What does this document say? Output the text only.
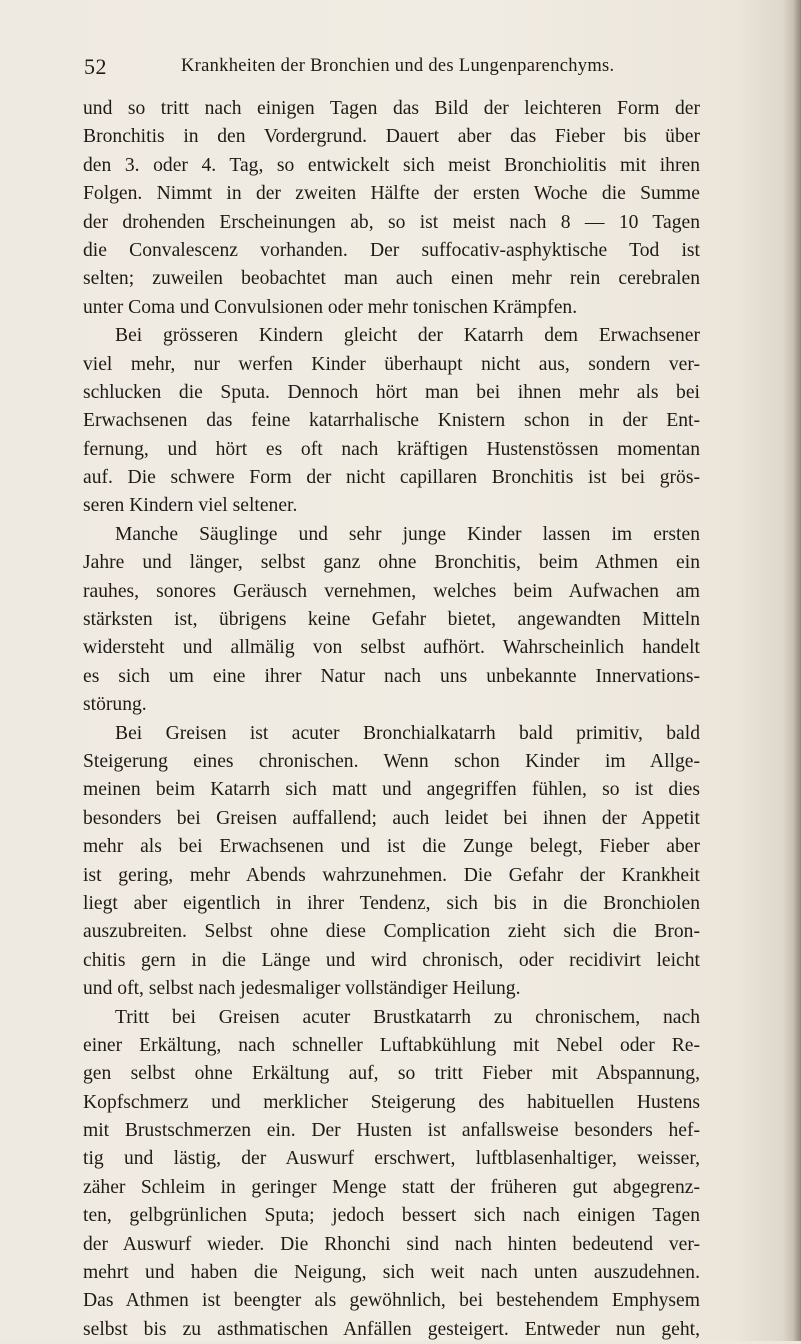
52	Krankheiten der Bronchien und des Lungenparenchyms.
und so tritt nach einigen Tagen das Bild der leichteren Form der
Bronchitis in den Vordergrund. Dauert aber das Fieber bis über
den 3. oder 4. Tag, so entwickelt sich meist Bronchiolitis mit ihren
Folgen. Nimmt in der zweiten Hälfte der ersten Woche die Summe
der drohenden Erscheinungen ab, so ist meist nach 8 — 10 Tagen
die Convalescenz vorhanden. Der suffocativ-asphyktische Tod ist
selten; zuweilen beobachtet man auch einen mehr rein cerebralen
unter Coma und Convulsionen oder mehr tonischen Krämpfen.
Bei grösseren Kindern gleicht der Katarrh dem Erwachsener
viel mehr, nur werfen Kinder überhaupt nicht aus, sondern ver-
schlucken die Sputa. Dennoch hört man bei ihnen mehr als bei
Erwachsenen das feine katarrhalische Knistern schon in der Ent-
fernung, und hört es oft nach kräftigen Hustenstössen momentan
auf. Die schwere Form der nicht capillaren Bronchitis ist bei grös-
seren Kindern viel seltener.
Manche Säuglinge und sehr junge Kinder lassen im ersten
Jahre und länger, selbst ganz ohne Bronchitis, beim Athmen ein
rauhes, sonores Geräusch vernehmen, welches beim Aufwachen am
stärksten ist, übrigens keine Gefahr bietet, angewandten Mitteln
widersteht und allmälig von selbst aufhört. Wahrscheinlich handelt
es sich um eine ihrer Natur nach uns unbekannte Innervations-
störung.
Bei Greisen ist acuter Bronchialkatarrh bald primitiv, bald
Steigerung eines chronischen. Wenn schon Kinder im Allge-
meinen beim Katarrh sich matt und angegriffen fühlen, so ist dies
besonders bei Greisen auffallend; auch leidet bei ihnen der Appetit
mehr als bei Erwachsenen und ist die Zunge belegt, Fieber aber
ist gering, mehr Abends wahrzunehmen. Die Gefahr der Krankheit
liegt aber eigentlich in ihrer Tendenz, sich bis in die Bronchiolen
auszubreiten. Selbst ohne diese Complication zieht sich die Bron-
chitis gern in die Länge und wird chronisch, oder recidivirt leicht
und oft, selbst nach jedesmaliger vollständiger Heilung.
Tritt bei Greisen acuter Brustkatarrh zu chronischem, nach
einer Erkältung, nach schneller Luftabkühlung mit Nebel oder Re-
gen selbst ohne Erkältung auf, so tritt Fieber mit Abspannung,
Kopfschmerz und merklicher Steigerung des habituellen Hustens
mit Brustschmerzen ein. Der Husten ist anfallsweise besonders hef-
tig und lästig, der Auswurf erschwert, luftblasenhaltiger, weisser,
zäher Schleim in geringer Menge statt der früheren gut abgegrenz-
ten, gelbgrünlichen Sputa; jedoch bessert sich nach einigen Tagen
der Auswurf wieder. Die Rhonchi sind nach hinten bedeutend ver-
mehrt und haben die Neigung, sich weit nach unten auszudehnen.
Das Athmen ist beengter als gewöhnlich, bei bestehendem Emphysem
selbst bis zu asthmatischen Anfällen gesteigert. Entweder nun geht,
